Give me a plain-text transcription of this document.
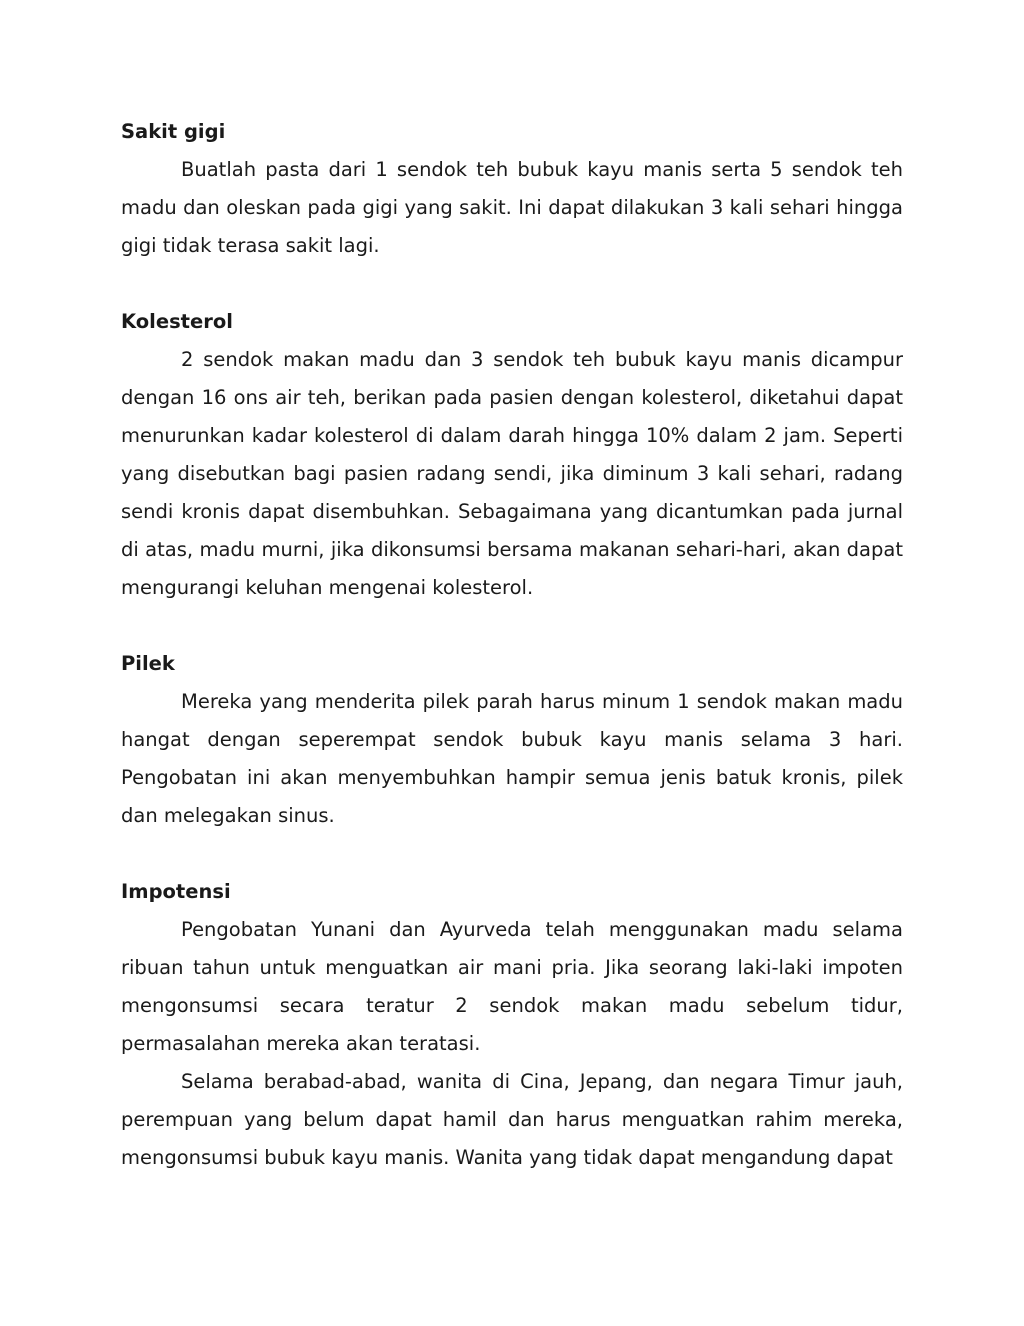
Sakit gigi

Buatlah pasta dari 1 sendok teh bubuk kayu manis serta 5 sendok teh madu dan oleskan pada gigi yang sakit. Ini dapat dilakukan 3 kali sehari hingga gigi tidak terasa sakit lagi.

Kolesterol

2 sendok makan madu dan 3 sendok teh bubuk kayu manis dicampur dengan 16 ons air teh, berikan pada pasien dengan kolesterol, diketahui dapat menurunkan kadar kolesterol di dalam darah hingga 10% dalam 2 jam. Seperti yang disebutkan bagi pasien radang sendi, jika diminum 3 kali sehari, radang sendi kronis dapat disembuhkan. Sebagaimana yang dicantumkan pada jurnal di atas, madu murni, jika dikonsumsi bersama makanan sehari-hari, akan dapat mengurangi keluhan mengenai kolesterol.

Pilek

Mereka yang menderita pilek parah harus minum 1 sendok makan madu hangat dengan seperempat sendok bubuk kayu manis selama 3 hari. Pengobatan ini akan menyembuhkan hampir semua jenis batuk kronis, pilek dan melegakan sinus.

Impotensi

Pengobatan Yunani dan Ayurveda telah menggunakan madu selama ribuan tahun untuk menguatkan air mani pria. Jika seorang laki-laki impoten mengonsumsi secara teratur 2 sendok makan madu sebelum tidur, permasalahan mereka akan teratasi.

Selama berabad-abad, wanita di Cina, Jepang, dan negara Timur jauh, perempuan yang belum dapat hamil dan harus menguatkan rahim mereka, mengonsumsi bubuk kayu manis. Wanita yang tidak dapat mengandung dapat
